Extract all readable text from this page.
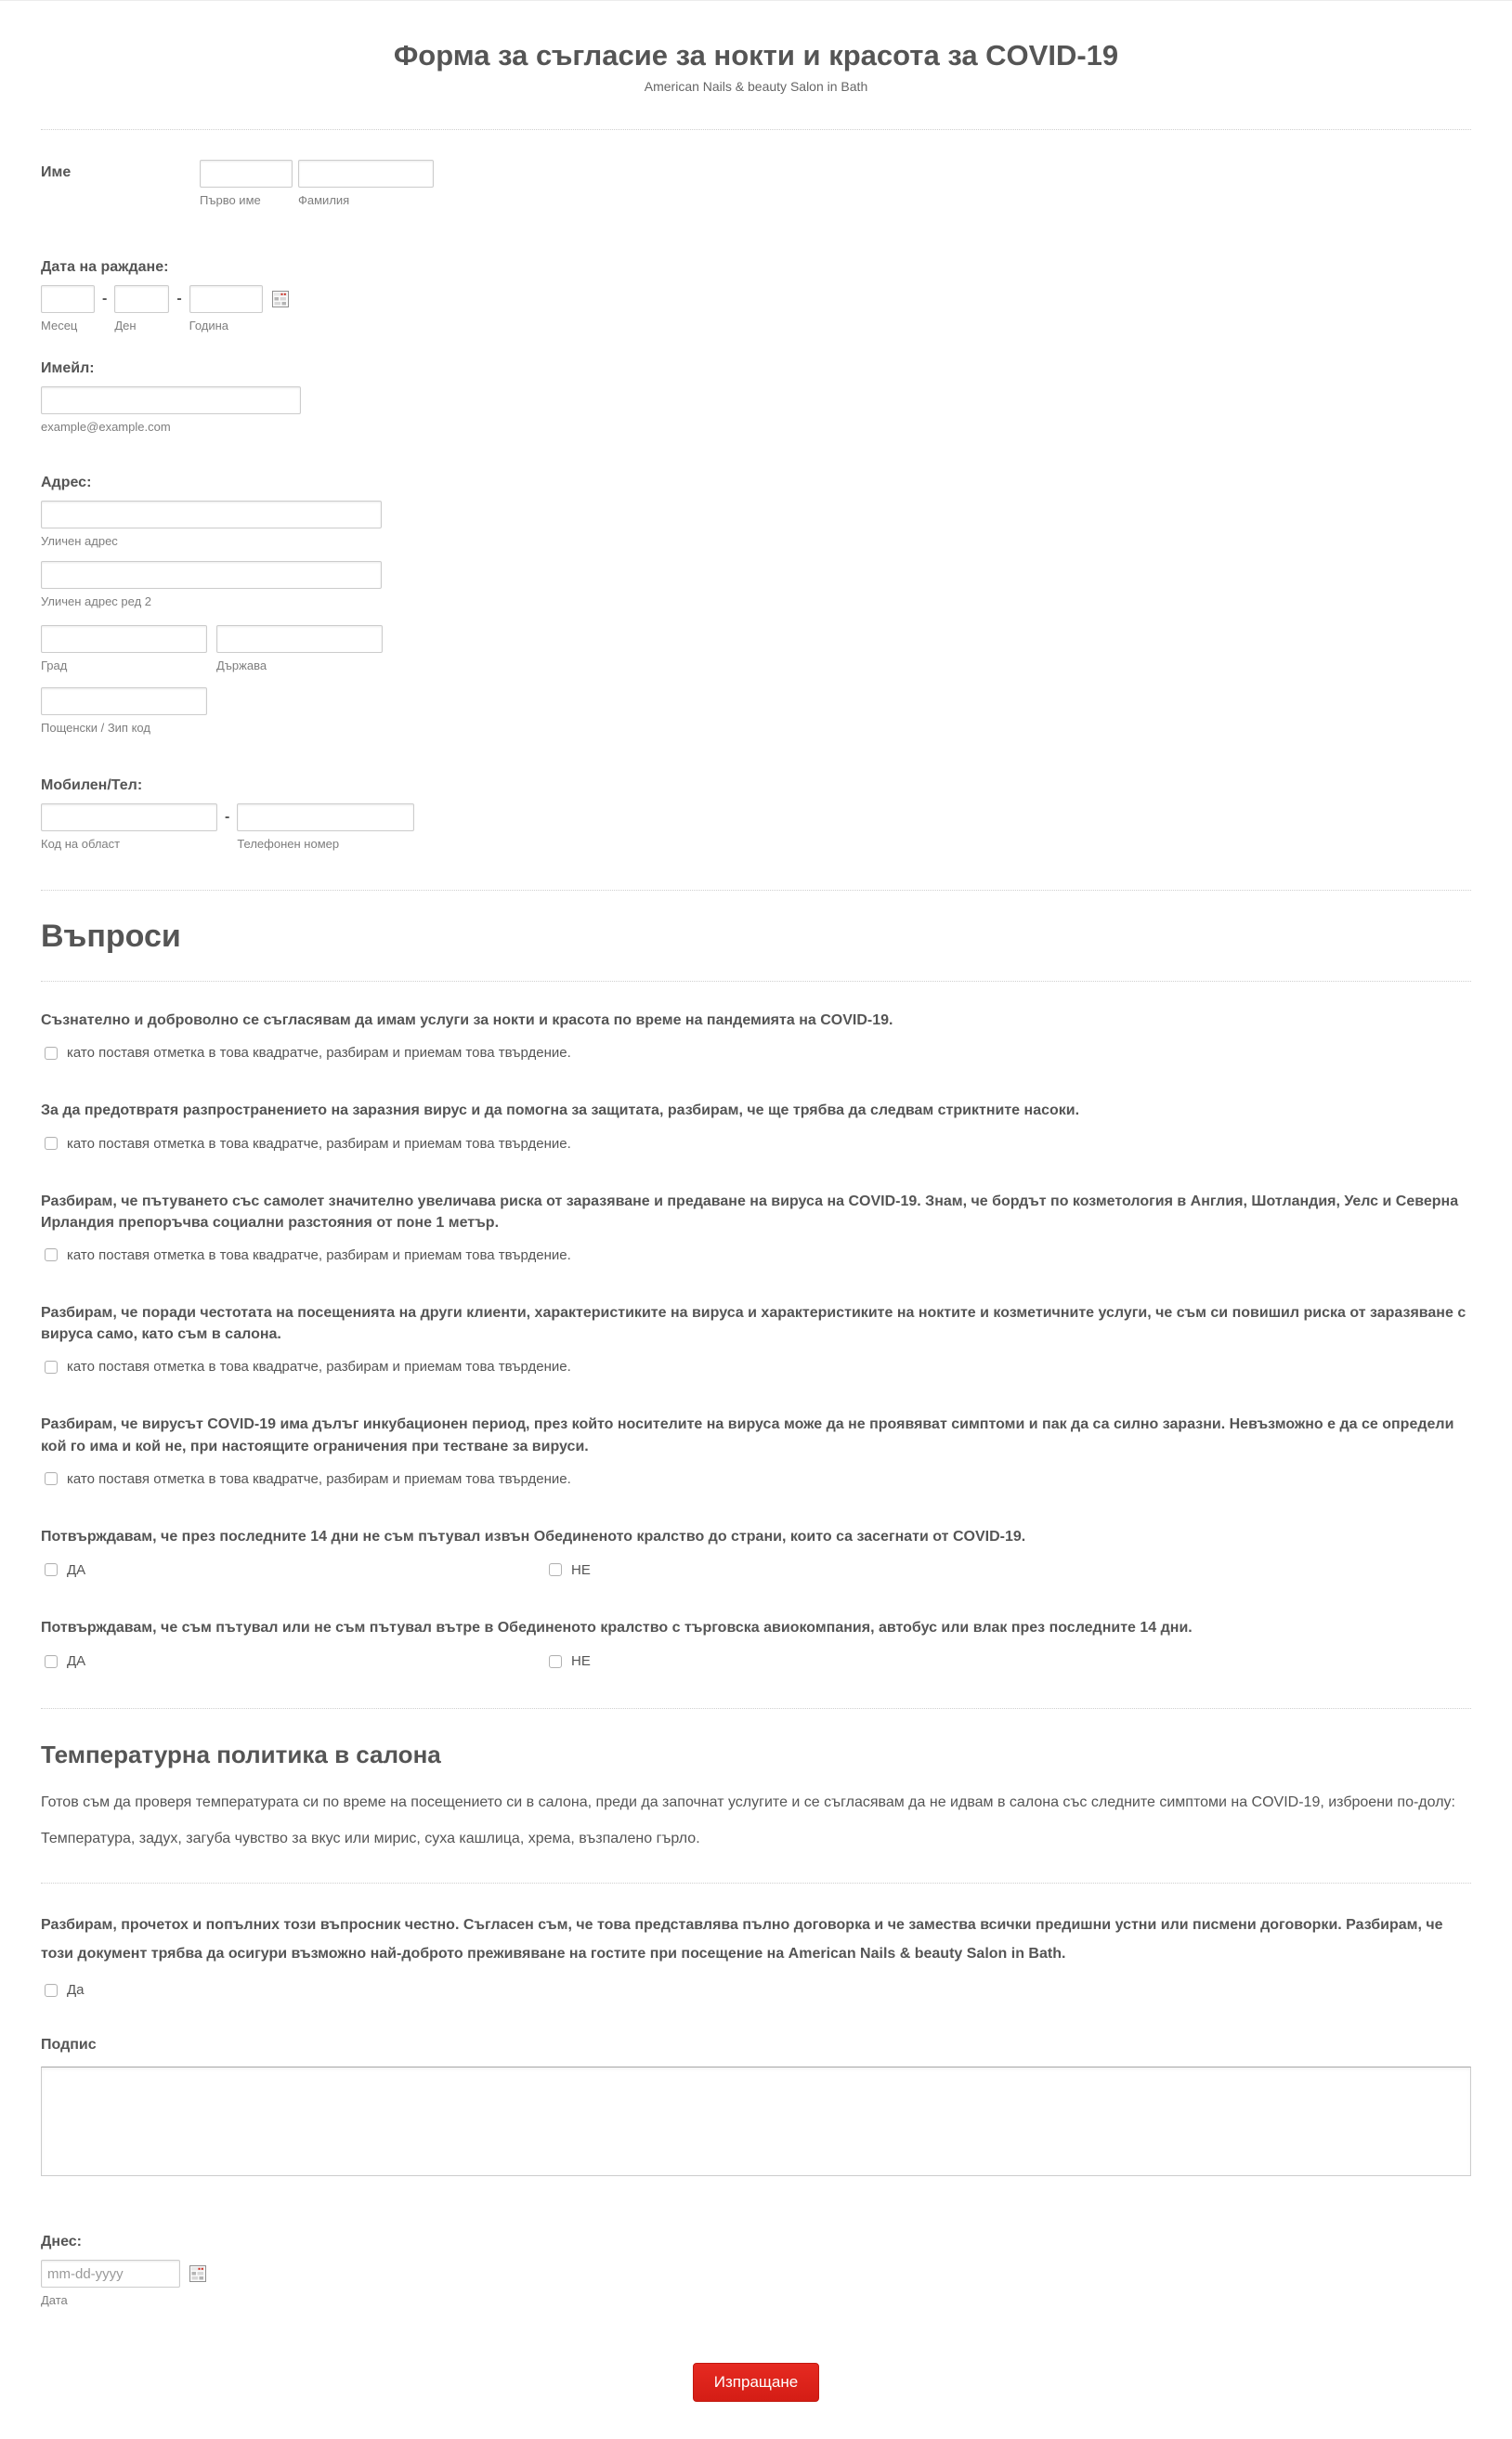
Форма за съгласие за нокти и красота за COVID-19
American Nails & beauty Salon in Bath
Име
Първо име	Фамилия
Дата на раждане:
Месец
-
Ден
-
Година
Имейл:
example@example.com
Адрес:
Уличен адрес
Уличен адрес ред 2
Град	Държава
Пощенски / Зип код
Мобилен/Тел:
Код на област
-
Телефонен номер
Въпроси
Съзнателно и доброволно се съгласявам да имам услуги за нокти и красота по време на пандемията на COVID-19.
като поставя отметка в това квадратче, разбирам и приемам това твърдение.
За да предотвратя разпространението на заразния вирус и да помогна за защитата, разбирам, че ще трябва да следвам стриктните насоки.
като поставя отметка в това квадратче, разбирам и приемам това твърдение.
Разбирам, че пътуването със самолет значително увеличава риска от заразяване и предаване на вируса на COVID-19. Знам, че бордът по козметология в Англия, Шотландия, Уелс и Северна Ирландия препоръчва социални разстояния от поне 1 метър.
като поставя отметка в това квадратче, разбирам и приемам това твърдение.
Разбирам, че поради честотата на посещенията на други клиенти, характеристиките на вируса и характеристиките на ноктите и козметичните услуги, че съм си повишил риска от заразяване с вируса само, като съм в салона.
като поставя отметка в това квадратче, разбирам и приемам това твърдение.
Разбирам, че вирусът COVID-19 има дълъг инкубационен период, през който носителите на вируса може да не проявяват симптоми и пак да са силно заразни. Невъзможно е да се определи кой го има и кой не, при настоящите ограничения при тестване за вируси.
като поставя отметка в това квадратче, разбирам и приемам това твърдение.
Потвърждавам, че през последните 14 дни не съм пътувал извън Обединеното кралство до страни, които са засегнати от COVID-19.
ДА	НЕ
Потвърждавам, че съм пътувал или не съм пътувал вътре в Обединеното кралство с търговска авиокомпания, автобус или влак през последните 14 дни.
ДА	НЕ
Температурна политика в салона

Готов съм да проверя температурата си по време на посещението си в салона, преди да започнат услугите и се съгласявам да не идвам в салона със следните симптоми на COVID-19, изброени по-долу: Температура, задух, загуба чувство за вкус или мирис, суха кашлица, хрема, възпалено гърло.

Разбирам, прочетох и попълних този въпросник честно. Съгласен съм, че това представлява пълно договорка и че замества всички предишни устни или писмени договорки. Разбирам, че този документ трябва да осигури възможно най-доброто преживяване на гостите при посещение на American Nails & beauty Salon in Bath.
Да
Подпис
Днес:
mm-dd-yyyy
Дата
Изпращане
